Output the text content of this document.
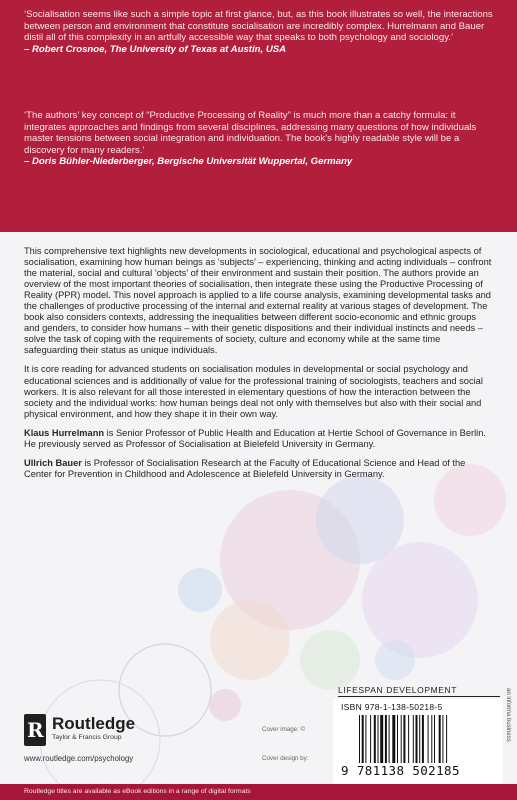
‘Socialisation seems like such a simple topic at first glance, but, as this book illustrates so well, the interactions between person and environment that constitute socialisation are incredibly complex. Hurrelmann and Bauer distil all of this complexity in an artfully accessible way that speaks to both psychology and sociology.’
– Robert Crosnoe, The University of Texas at Austin, USA

‘The authors’ key concept of “Productive Processing of Reality” is much more than a catchy formula: it integrates approaches and findings from several disciplines, addressing many questions of how individuals master tensions between social integration and individuation. The book’s highly readable style will be a discovery for many readers.’
– Doris Bühler-Niederberger, Bergische Universität Wuppertal, Germany

This comprehensive text highlights new developments in sociological, educational and psychological aspects of socialisation, examining how human beings as ‘subjects’ – experiencing, thinking and acting individuals – confront the material, social and cultural ‘objects’ of their environment and sustain their position. The authors provide an overview of the most important theories of socialisation, then integrate these using the Productive Processing of Reality (PPR) model. This novel approach is applied to a life course analysis, examining developmental tasks and the challenges of productive processing of the internal and external reality at various stages of development. The book also considers contexts, addressing the inequalities between different socio-economic and ethnic groups and genders, to consider how humans – with their genetic dispositions and their individual instincts and needs – solve the task of coping with the requirements of society, culture and economy while at the same time safeguarding their status as unique individuals.

It is core reading for advanced students on socialisation modules in developmental or social psychology and educational sciences and is additionally of value for the professional training of sociologists, teachers and social workers. It is also relevant for all those interested in elementary questions of how the interaction between the society and the individual works: how human beings deal not only with themselves but also with their social and physical environment, and how they shape it in their own way.

Klaus Hurrelmann is Senior Professor of Public Health and Education at Hertie School of Governance in Berlin. He previously served as Professor of Socialisation at Bielefeld University in Germany.

Ullrich Bauer is Professor of Socialisation Research at the Faculty of Educational Science and Head of the Center for Prevention in Childhood and Adolescence at Bielefeld University in Germany.

LIFESPAN DEVELOPMENT	an informa business
R Routledge
Taylor & Francis Group
www.routledge.com/psychology
Cover image: ©
Cover design by:
ISBN 978-1-138-50218-5
9 781138 502185
Routledge titles are available as eBook editions in a range of digital formats
